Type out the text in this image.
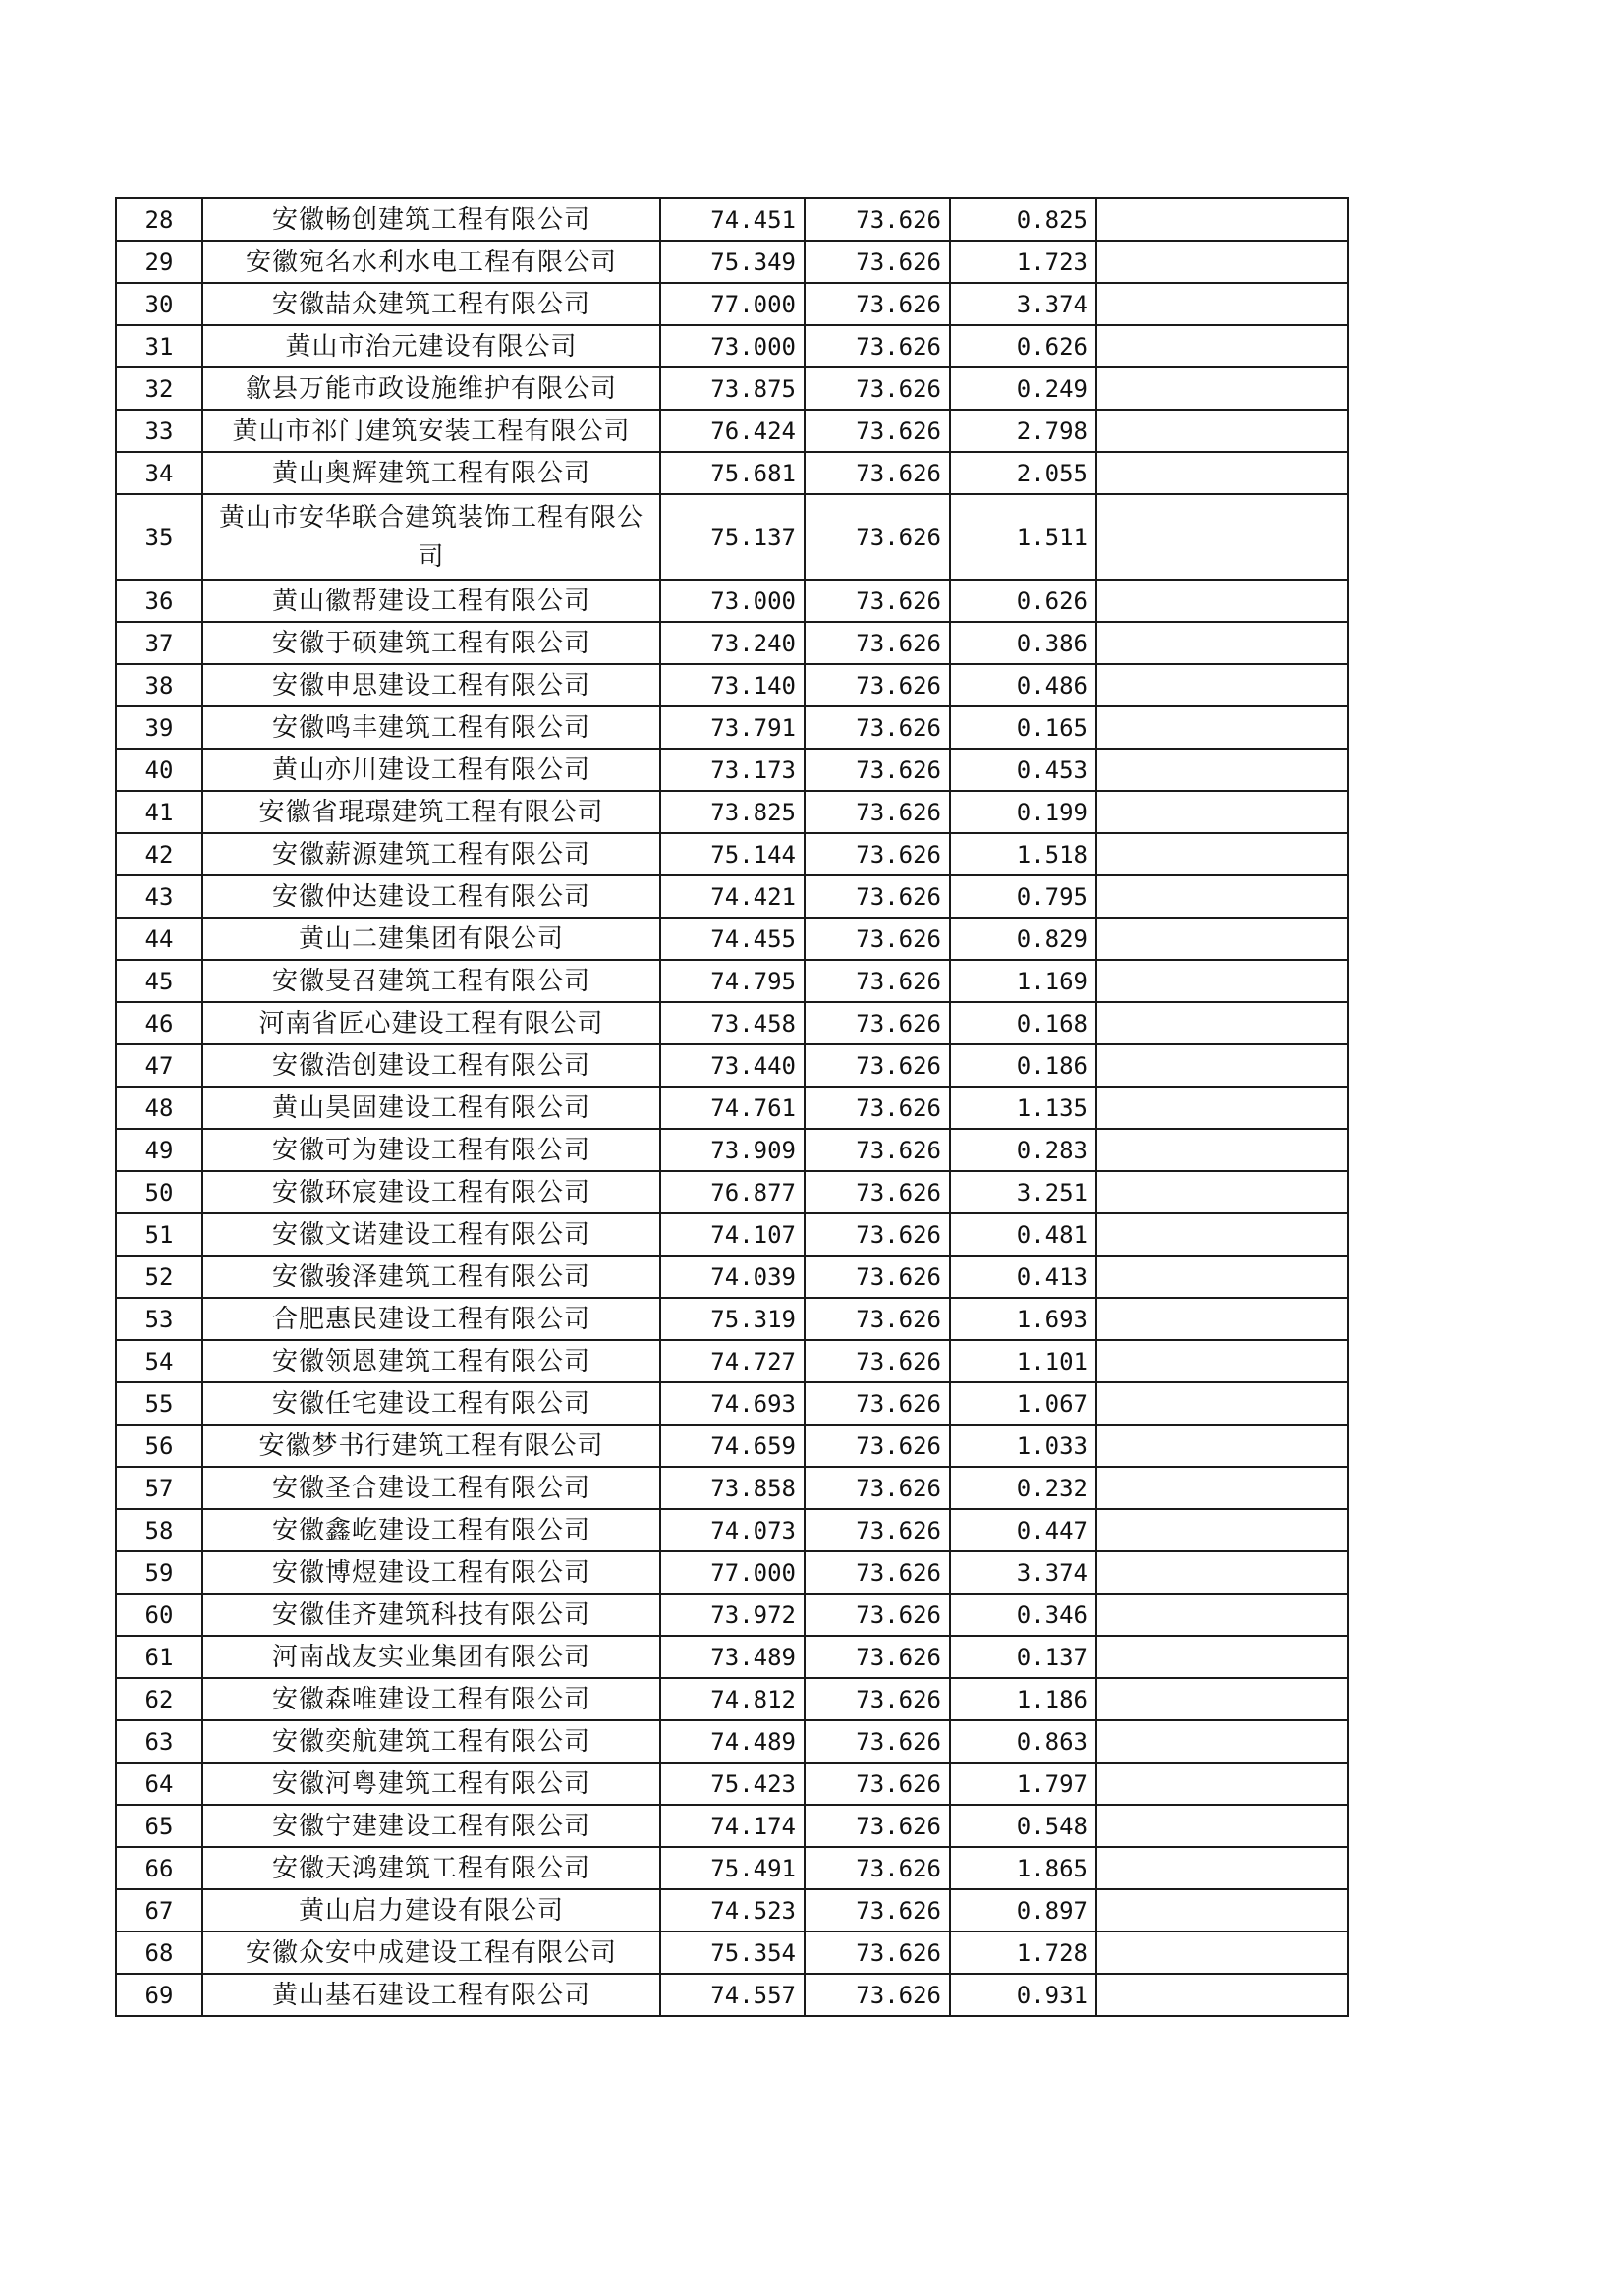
28	安徽畅创建筑工程有限公司	74.451	73.626	0.825	
29	安徽宛名水利水电工程有限公司	75.349	73.626	1.723	
30	安徽喆众建筑工程有限公司	77.000	73.626	3.374	
31	黄山市治元建设有限公司	73.000	73.626	0.626	
32	歙县万能市政设施维护有限公司	73.875	73.626	0.249	
33	黄山市祁门建筑安装工程有限公司	76.424	73.626	2.798	
34	黄山奥辉建筑工程有限公司	75.681	73.626	2.055	
35	黄山市安华联合建筑装饰工程有限公司	75.137	73.626	1.511	
36	黄山徽帮建设工程有限公司	73.000	73.626	0.626	
37	安徽于硕建筑工程有限公司	73.240	73.626	0.386	
38	安徽申思建设工程有限公司	73.140	73.626	0.486	
39	安徽鸣丰建筑工程有限公司	73.791	73.626	0.165	
40	黄山亦川建设工程有限公司	73.173	73.626	0.453	
41	安徽省琨璟建筑工程有限公司	73.825	73.626	0.199	
42	安徽薪源建筑工程有限公司	75.144	73.626	1.518	
43	安徽仲达建设工程有限公司	74.421	73.626	0.795	
44	黄山二建集团有限公司	74.455	73.626	0.829	
45	安徽旻召建筑工程有限公司	74.795	73.626	1.169	
46	河南省匠心建设工程有限公司	73.458	73.626	0.168	
47	安徽浩创建设工程有限公司	73.440	73.626	0.186	
48	黄山昊固建设工程有限公司	74.761	73.626	1.135	
49	安徽可为建设工程有限公司	73.909	73.626	0.283	
50	安徽环宸建设工程有限公司	76.877	73.626	3.251	
51	安徽文诺建设工程有限公司	74.107	73.626	0.481	
52	安徽骏泽建筑工程有限公司	74.039	73.626	0.413	
53	合肥惠民建设工程有限公司	75.319	73.626	1.693	
54	安徽领恩建筑工程有限公司	74.727	73.626	1.101	
55	安徽任宅建设工程有限公司	74.693	73.626	1.067	
56	安徽梦书行建筑工程有限公司	74.659	73.626	1.033	
57	安徽圣合建设工程有限公司	73.858	73.626	0.232	
58	安徽鑫屹建设工程有限公司	74.073	73.626	0.447	
59	安徽博煜建设工程有限公司	77.000	73.626	3.374	
60	安徽佳齐建筑科技有限公司	73.972	73.626	0.346	
61	河南战友实业集团有限公司	73.489	73.626	0.137	
62	安徽森唯建设工程有限公司	74.812	73.626	1.186	
63	安徽奕航建筑工程有限公司	74.489	73.626	0.863	
64	安徽河粤建筑工程有限公司	75.423	73.626	1.797	
65	安徽宁建建设工程有限公司	74.174	73.626	0.548	
66	安徽天鸿建筑工程有限公司	75.491	73.626	1.865	
67	黄山启力建设有限公司	74.523	73.626	0.897	
68	安徽众安中成建设工程有限公司	75.354	73.626	1.728	
69	黄山基石建设工程有限公司	74.557	73.626	0.931	
